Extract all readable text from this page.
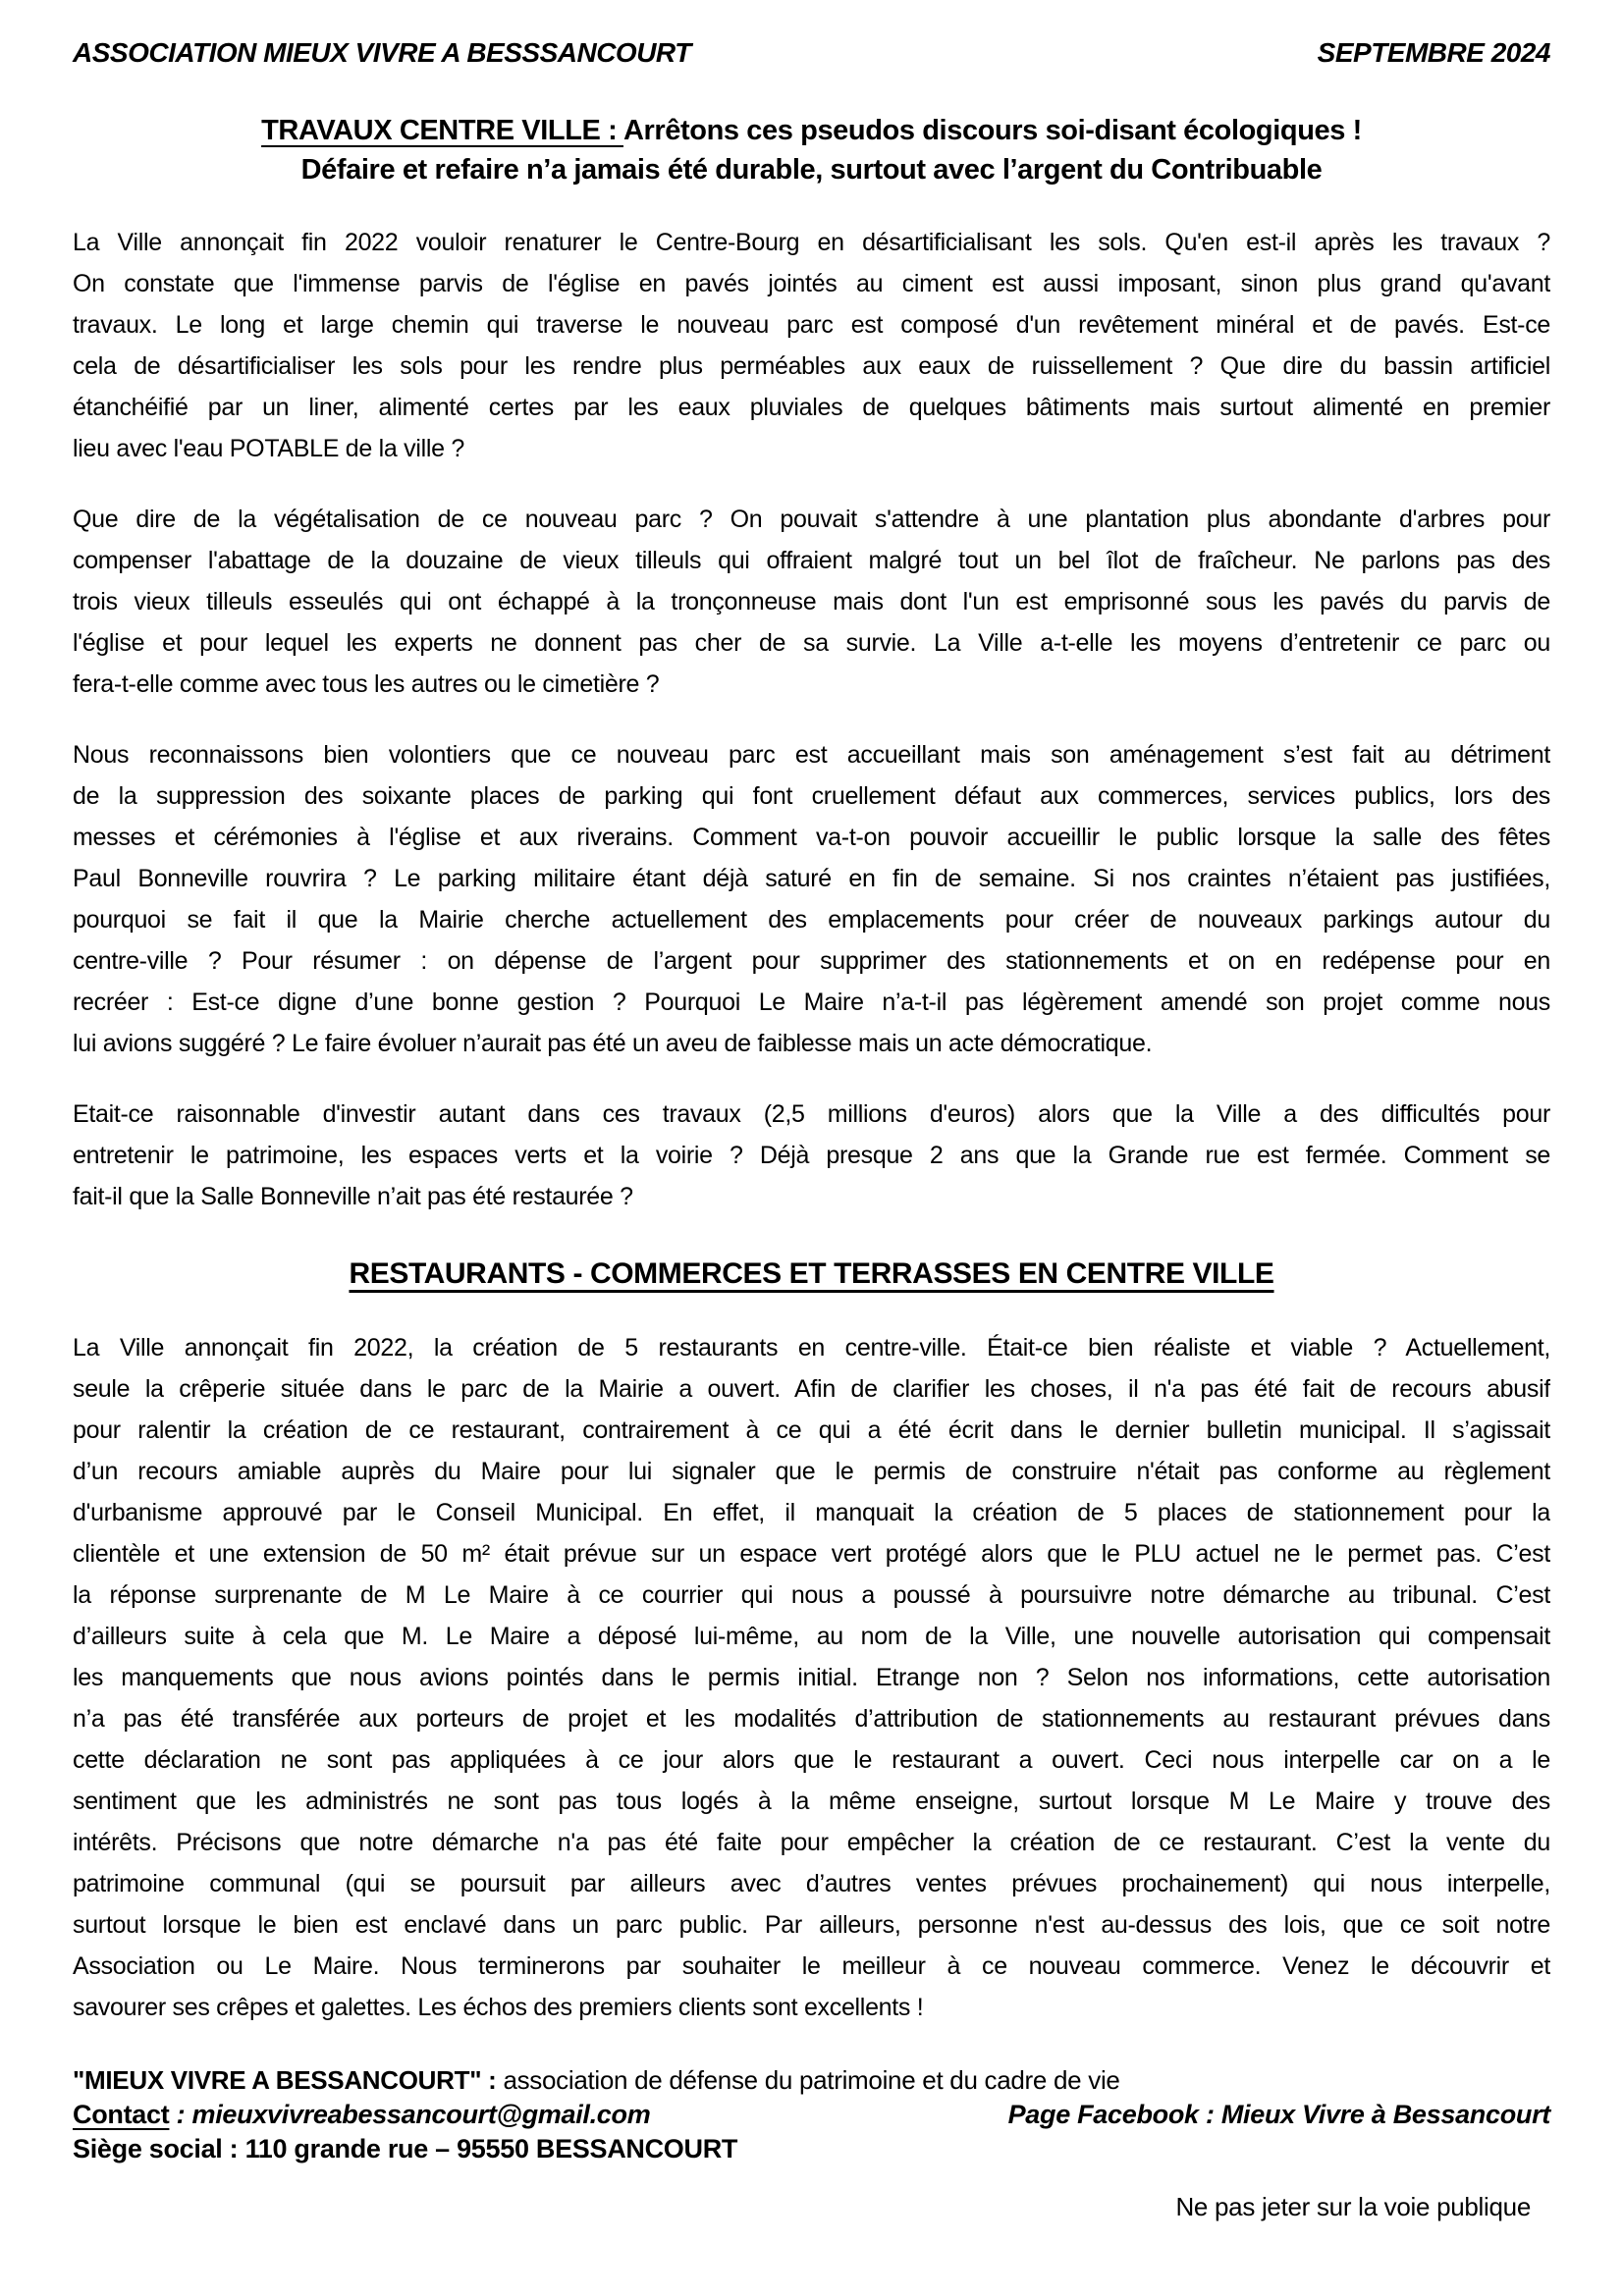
ASSOCIATION MIEUX VIVRE A BESSSANCOURT	SEPTEMBRE 2024
TRAVAUX CENTRE VILLE : Arrêtons ces pseudos discours soi-disant écologiques !
Défaire et refaire n’a jamais été durable, surtout avec l’argent du Contribuable
La Ville annonçait fin 2022 vouloir renaturer le Centre-Bourg en désartificialisant les sols. Qu'en est-il après les travaux ?
On constate que l'immense parvis de l'église en pavés jointés au ciment est aussi imposant, sinon plus grand qu'avant
travaux. Le long et large chemin qui traverse le nouveau parc est composé d'un revêtement minéral et de pavés. Est-ce
cela de désartificialiser les sols pour les rendre plus perméables aux eaux de ruissellement ? Que dire du bassin artificiel
étanchéifié par un liner, alimenté certes par les eaux pluviales de quelques bâtiments mais surtout alimenté en premier
lieu avec l'eau POTABLE de la ville ?
Que dire de la végétalisation de ce nouveau parc ? On pouvait s'attendre à une plantation plus abondante d'arbres pour
compenser l'abattage de la douzaine de vieux tilleuls qui offraient malgré tout un bel îlot de fraîcheur. Ne parlons pas des
trois vieux tilleuls esseulés qui ont échappé à la tronçonneuse mais dont l'un est emprisonné sous les pavés du parvis de
l'église et pour lequel les experts ne donnent pas cher de sa survie. La Ville a-t-elle les moyens d’entretenir ce parc ou
fera-t-elle comme avec tous les autres ou le cimetière ?
Nous reconnaissons bien volontiers que ce nouveau parc est accueillant mais son aménagement s’est fait au détriment
de la suppression des soixante places de parking qui font cruellement défaut aux commerces, services publics, lors des
messes et cérémonies à l'église et aux riverains. Comment va-t-on pouvoir accueillir le public lorsque la salle des fêtes
Paul Bonneville rouvrira ? Le parking militaire étant déjà saturé en fin de semaine. Si nos craintes n’étaient pas justifiées,
pourquoi se fait il que la Mairie cherche actuellement des emplacements pour créer de nouveaux parkings autour du
centre-ville ? Pour résumer : on dépense de l’argent pour supprimer des stationnements et on en redépense pour en
recréer : Est-ce digne d’une bonne gestion ? Pourquoi Le Maire n’a-t-il pas légèrement amendé son projet comme nous
lui avions suggéré ? Le faire évoluer n’aurait pas été un aveu de faiblesse mais un acte démocratique.
Etait-ce raisonnable d'investir autant dans ces travaux (2,5 millions d'euros) alors que la Ville a des difficultés pour
entretenir le patrimoine, les espaces verts et la voirie ? Déjà presque 2 ans que la Grande rue est fermée. Comment se
fait-il que la Salle Bonneville n’ait pas été restaurée ?
RESTAURANTS - COMMERCES ET TERRASSES EN CENTRE VILLE
La Ville annonçait fin 2022, la création de 5 restaurants en centre-ville. Était-ce bien réaliste et viable ? Actuellement,
seule la crêperie située dans le parc de la Mairie a ouvert. Afin de clarifier les choses, il n'a pas été fait de recours abusif
pour ralentir la création de ce restaurant, contrairement à ce qui a été écrit dans le dernier bulletin municipal. Il s’agissait
d’un recours amiable auprès du Maire pour lui signaler que le permis de construire n'était pas conforme au règlement
d'urbanisme approuvé par le Conseil Municipal. En effet, il manquait la création de 5 places de stationnement pour la
clientèle et une extension de 50 m² était prévue sur un espace vert protégé alors que le PLU actuel ne le permet pas. C’est
la réponse surprenante de M Le Maire à ce courrier qui nous a poussé à poursuivre notre démarche au tribunal. C’est
d’ailleurs suite à cela que M. Le Maire a déposé lui-même, au nom de la Ville, une nouvelle autorisation qui compensait
les manquements que nous avions pointés dans le permis initial. Etrange non ? Selon nos informations, cette autorisation
n’a pas été transférée aux porteurs de projet et les modalités d’attribution de stationnements au restaurant prévues dans
cette déclaration ne sont pas appliquées à ce jour alors que le restaurant a ouvert. Ceci nous interpelle car on a le
sentiment que les administrés ne sont pas tous logés à la même enseigne, surtout lorsque M Le Maire y trouve des
intérêts. Précisons que notre démarche n'a pas été faite pour empêcher la création de ce restaurant. C’est la vente du
patrimoine communal (qui se poursuit par ailleurs avec d’autres ventes prévues prochainement) qui nous interpelle,
surtout lorsque le bien est enclavé dans un parc public. Par ailleurs, personne n'est au-dessus des lois, que ce soit notre
Association ou Le Maire. Nous terminerons par souhaiter le meilleur à ce nouveau commerce. Venez le découvrir et
savourer ses crêpes et galettes. Les échos des premiers clients sont excellents !
"MIEUX VIVRE A BESSANCOURT" : association de défense du patrimoine et du cadre de vie
Contact : mieuxvivreabessancourt@gmail.com	Page Facebook : Mieux Vivre à Bessancourt
Siège social : 110 grande rue – 95550 BESSANCOURT
Ne pas jeter sur la voie publique
